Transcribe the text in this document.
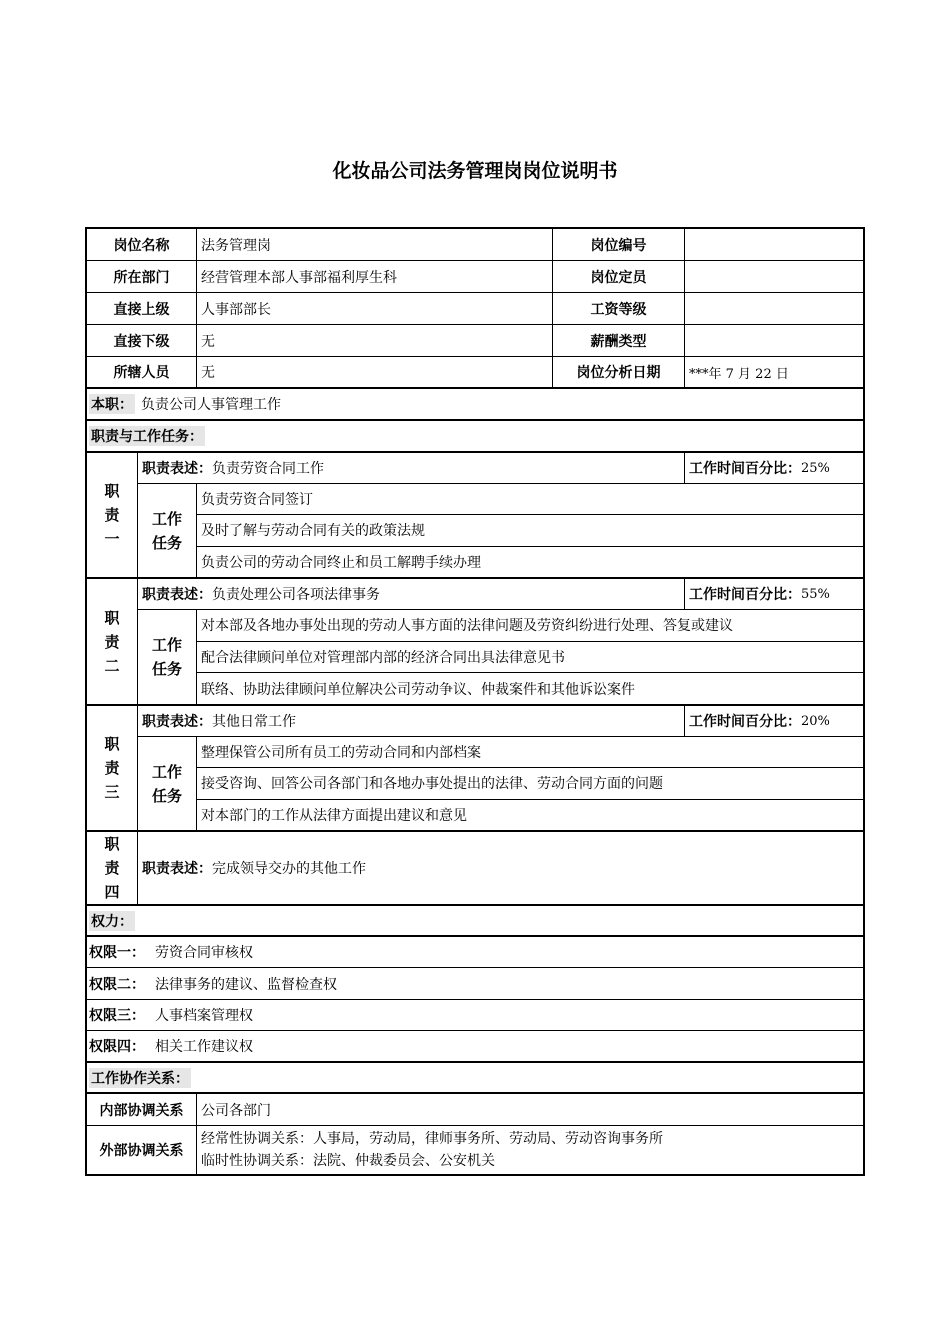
化妆品公司法务管理岗岗位说明书
岗位名称	法务管理岗	岗位编号
所在部门	经营管理本部人事部福利厚生科	岗位定员
直接上级	人事部部长	工资等级
直接下级	无	薪酬类型
所辖人员	无	岗位分析日期	***年 7 月 22 日
本职： 负责公司人事管理工作
职责与工作任务：
职
责
一
职责表述： 负责劳资合同工作	工作时间百分比： 25%
工作
任务
负责劳资合同签订
及时了解与劳动合同有关的政策法规
负责公司的劳动合同终止和员工解聘手续办理
职
责
二
职责表述： 负责处理公司各项法律事务	工作时间百分比： 55%
工作
任务
对本部及各地办事处出现的劳动人事方面的法律问题及劳资纠纷进行处理、答复或建议
配合法律顾问单位对管理部内部的经济合同出具法律意见书
联络、协助法律顾问单位解决公司劳动争议、仲裁案件和其他诉讼案件
职
责
三
职责表述： 其他日常工作	工作时间百分比： 20%
工作
任务
整理保管公司所有员工的劳动合同和内部档案
接受咨询、回答公司各部门和各地办事处提出的法律、劳动合同方面的问题
对本部门的工作从法律方面提出建议和意见
职
责
四
职责表述： 完成领导交办的其他工作
权力：
权限一： 劳资合同审核权
权限二： 法律事务的建议、监督检查权
权限三： 人事档案管理权
权限四： 相关工作建议权
工作协作关系：
内部协调关系	公司各部门
外部协调关系
经常性协调关系：人事局，劳动局，律师事务所、劳动局、劳动咨询事务所
临时性协调关系：法院、仲裁委员会、公安机关
